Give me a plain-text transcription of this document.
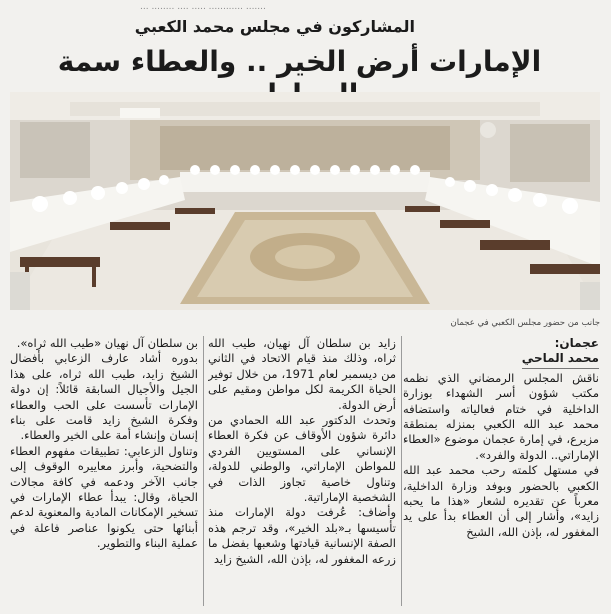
....... ............ ..... .... ........ ...
المشاركون في مجلس محمد الكعبي
الإمارات أرض الخير .. والعطاء سمة
جانب من حضور مجلس الكعبي في عجمان

عجمان:

محمد الماحي

ناقش المجلس الرمضاني الذي نظمه مكتب شؤون أسر الشهداء بوزارة الداخلية في ختام فعالياته واستضافه محمد عبد الله الكعبي بمنزله بمنطقة مزيرع، في إمارة عجمان موضوع «العطاء الإماراتي.. الدولة والفرد».

في مستهل كلمته رحب محمد عبد الله الكعبي بالحضور وبوفد وزارة الداخلية، معرباً عن تقديره لشعار «هذا ما يحبه زايد»، وأشار إلى أن العطاء بدأ على يد المغفور له، بإذن الله، الشيخ

زايد بن سلطان آل نهيان، طيب الله ثراه، وذلك منذ قيام الاتحاد في الثاني من ديسمبر لعام 1971، من خلال توفير الحياة الكريمة لكل مواطن ومقيم على أرض الدولة.

وتحدث الدكتور عبد الله الحمادي من دائرة شؤون الأوقاف عن فكرة العطاء الإنساني على المستويين الفردي للمواطن الإماراتي، والوطني للدولة، وتناول خاصية تجاوز الذات في الشخصية الإماراتية.

وأضاف: عُرفت دولة الإمارات منذ تأسيسها بـ«بلد الخير»، وقد ترجم هذه الصفة الإنسانية قيادتها وشعبها بفضل ما زرعه المغفور له، بإذن الله، الشيخ زايد

بن سلطان آل نهيان «طيب الله ثراه».

بدوره أشاد عارف الزعابي بأفضال الشيخ زايد، طيب الله ثراه، على هذا الجيل والأجيال السابقة قائلاً: إن دولة الإمارات تأسست على الحب والعطاء وفكرة الشيخ زايد قامت على بناء إنسان وإنشاء أمة على الخير والعطاء.

وتناول الزعابي: تطبيقات مفهوم العطاء والتضحية، وأبرز معاييره الوقوف إلى جانب الآخر ودعمه في كافة مجالات الحياة، وقال: يبدأ عطاء الإمارات في تسخير الإمكانات المادية والمعنوية لدعم أبنائها حتى يكونوا عناصر فاعلة في عملية البناء والتطوير.
